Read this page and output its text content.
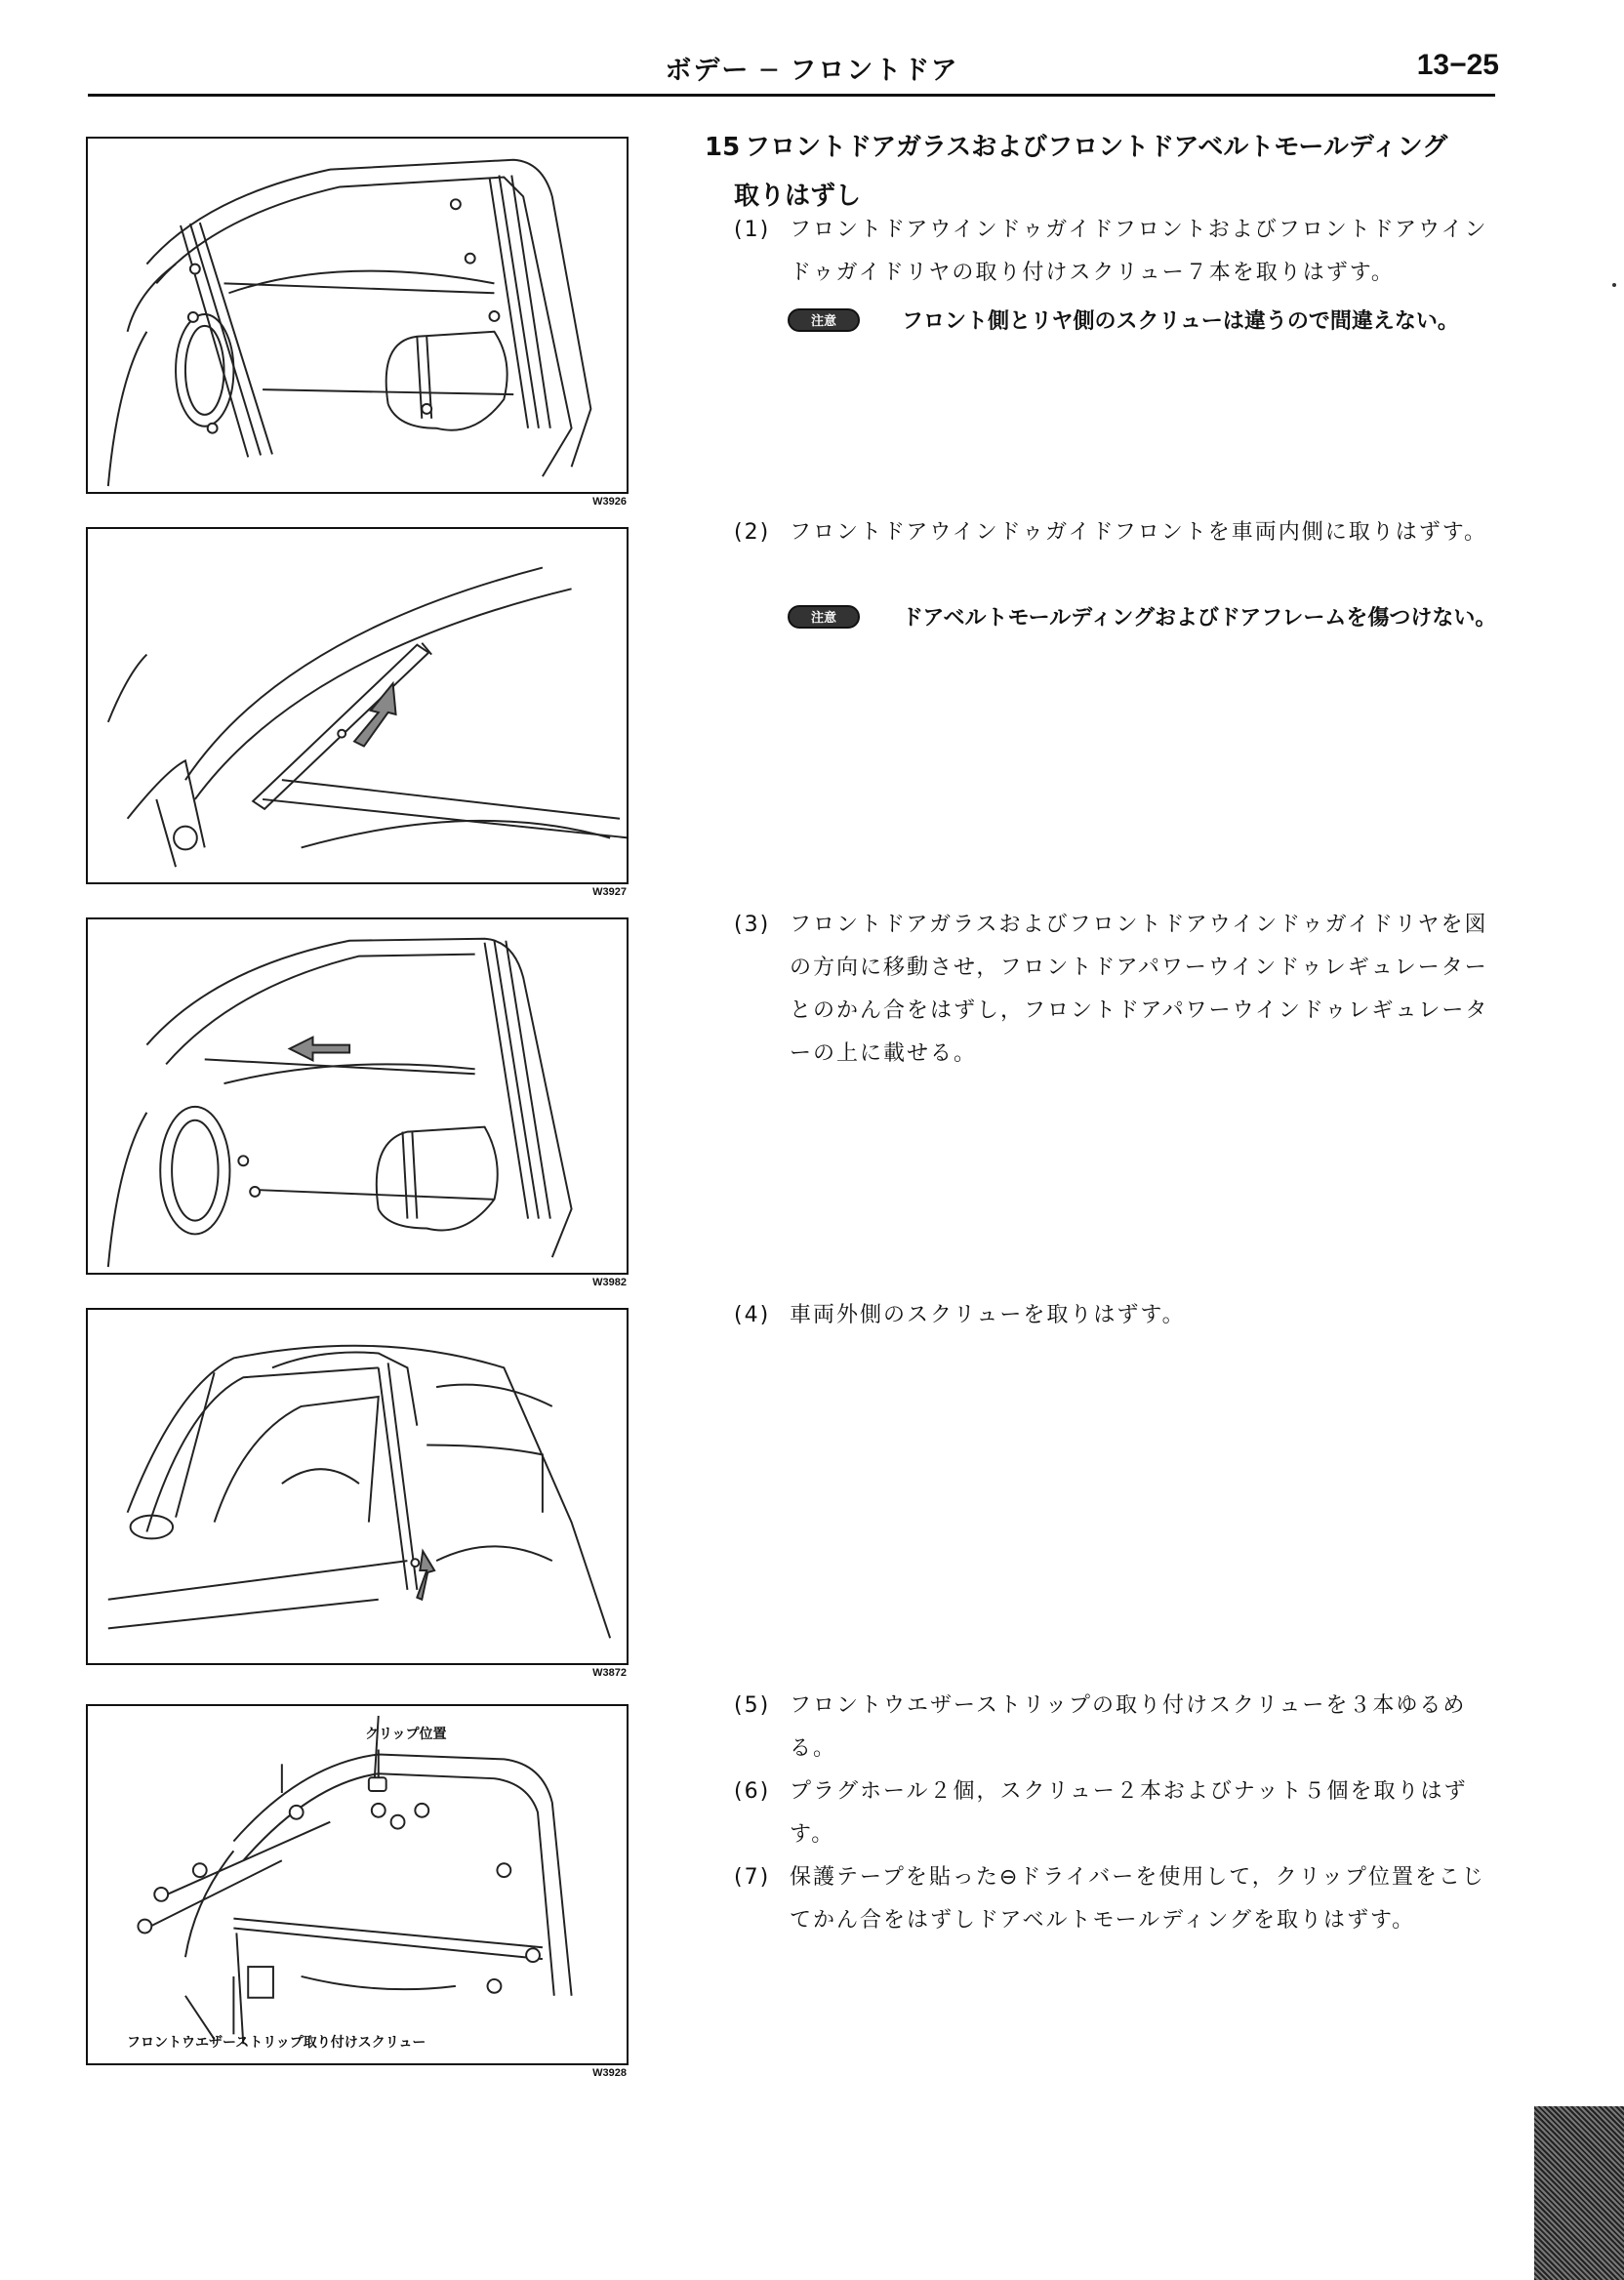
ボデー ─ フロントドア	13−25
W3926
W3927
W3982
W3872
クリップ位置
フロントウエザーストリップ取り付けスクリュー
W3928
15 フロントドアガラスおよびフロントドアベルトモールディング
取りはずし
(1) フロントドアウインドゥガイドフロントおよびフロントドアウインドゥガイドリヤの取り付けスクリュー７本を取りはずす。
注意	フロント側とリヤ側のスクリューは違うので間違えない。
(2) フロントドアウインドゥガイドフロントを車両内側に取りはずす。
注意	ドアベルトモールディングおよびドアフレームを傷つけない。
(3) フロントドアガラスおよびフロントドアウインドゥガイドリヤを図の方向に移動させ，フロントドアパワーウインドゥレギュレーターとのかん合をはずし，フロントドアパワーウインドゥレギュレーターの上に載せる。
(4) 車両外側のスクリューを取りはずす。
(5) フロントウエザーストリップの取り付けスクリューを３本ゆるめる。
(6) プラグホール２個，スクリュー２本およびナット５個を取りはずす。
(7) 保護テープを貼った⊖ドライバーを使用して，クリップ位置をこじてかん合をはずしドアベルトモールディングを取りはずす。
